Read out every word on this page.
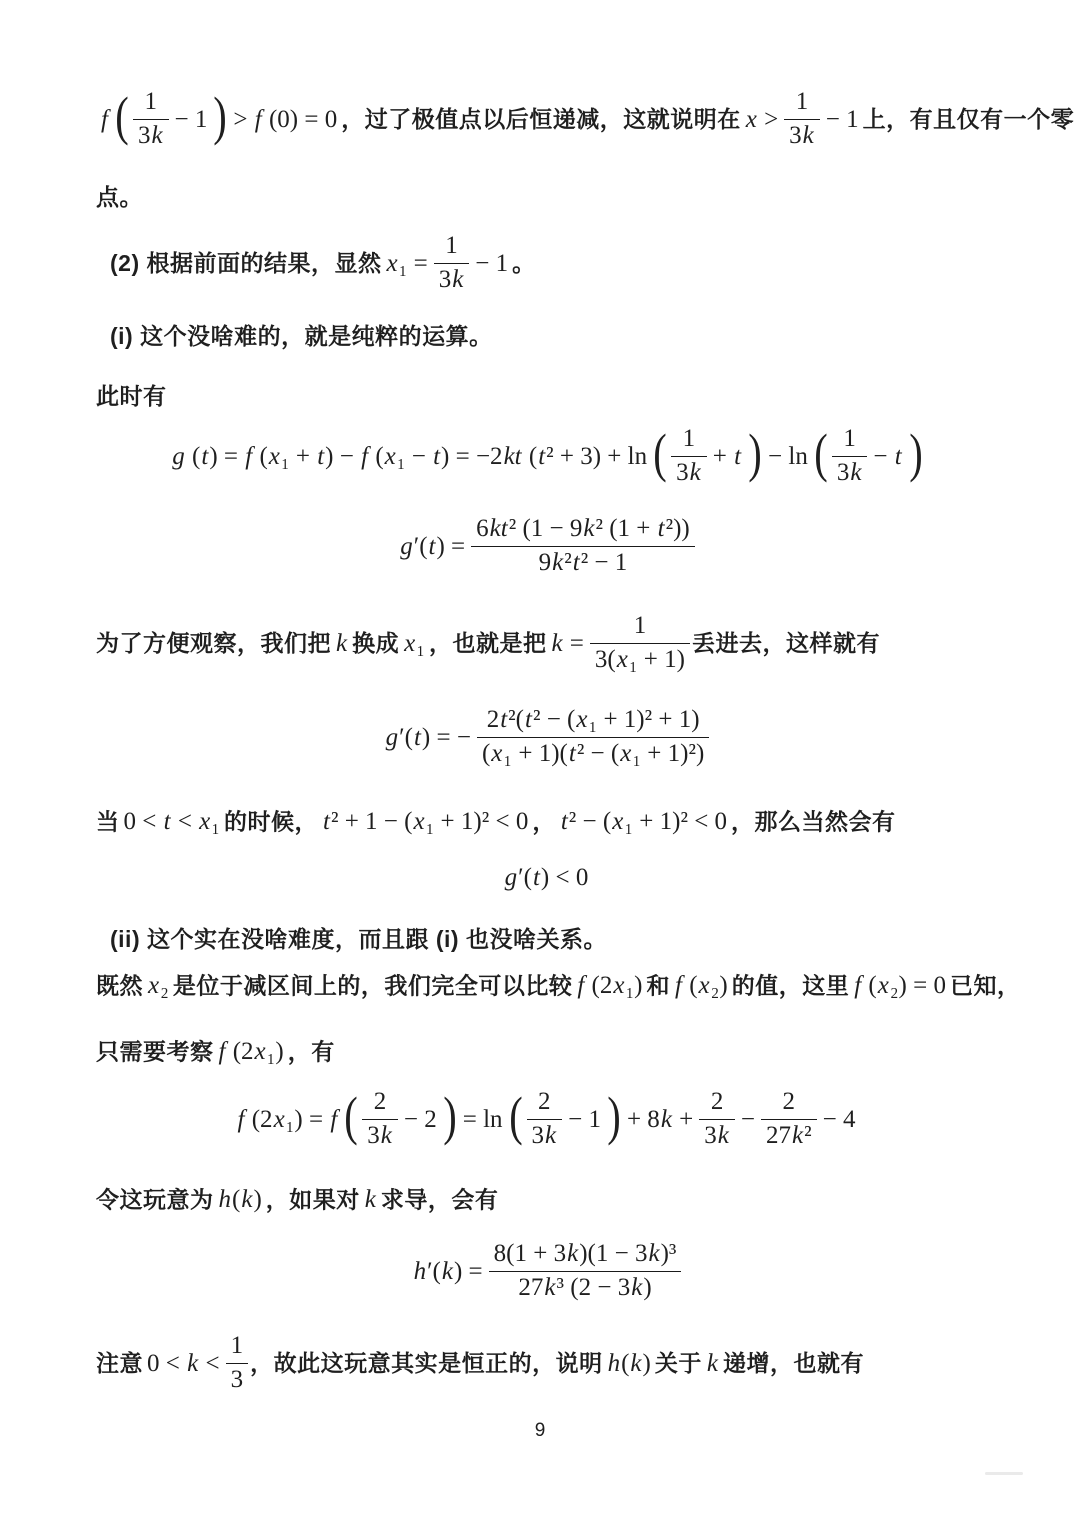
f ( $\frac{1}{3k} - 1$ ) > f (0) = 0 ，过了极值点以后恒递减，这就说明在 $x > \frac{1}{3k} - 1$ 上，有且仅有一个零
点。
(2) 根据前面的结果，显然 $x_1 = \frac{1}{3k} - 1$ 。
(i) 这个没啥难的，就是纯粹的运算。
此时有
g (t) = f (x₁ + t) − f (x₁ − t) = −2kt (t² + 3) + ln ( $\frac{1}{3k} + t$ ) − ln ( $\frac{1}{3k} - t$ )
$g'(t) = \frac{\text{6kt² (1 − 9k² (1 + t²))}}{\text{9k²t² − 1}}$
为了方便观察，我们把 k 换成 x₁ ，也就是把 $k = \frac{1}{\text{3(x₁ + 1)}}$ 丢进去，这样就有
g′(t) = − $\frac{\text{2t²(t² − (x₁ + 1)² + 1)}}{\text{(x₁ + 1)(t² − (x₁ + 1)²)}}$
当 0 < t < x₁ 的时候， t² + 1 − (x₁ + 1)² < 0 ， t² − (x₁ + 1)² < 0 ，那么当然会有
g′(t) < 0
(ii) 这个实在没啥难度，而且跟 (i) 也没啥关系。
既然 x₂ 是位于减区间上的，我们完全可以比较 f (2x₁) 和 f (x₂) 的值，这里 f (x₂) = 0 已知，
只需要考察 f (2x₁) ，有
f (2x₁) = f ( $\frac{2}{3k} - 2$ ) = ln ( $\frac{2}{3k} - 1$ ) + $8k + \frac{2}{3k} - \frac{2}{\text{27k²}} - 4$
令这玩意为 h(k) ，如果对 k 求导，会有
$h'(k) = \frac{\text{8(1 + 3k)(1 − 3k)³}}{\text{27k³ (2 − 3k)}}$
注意 $0 < k < \frac{1}{3}$ ，故此这玩意其实是恒正的，说明 h(k) 关于 k 递增，也就有
9
